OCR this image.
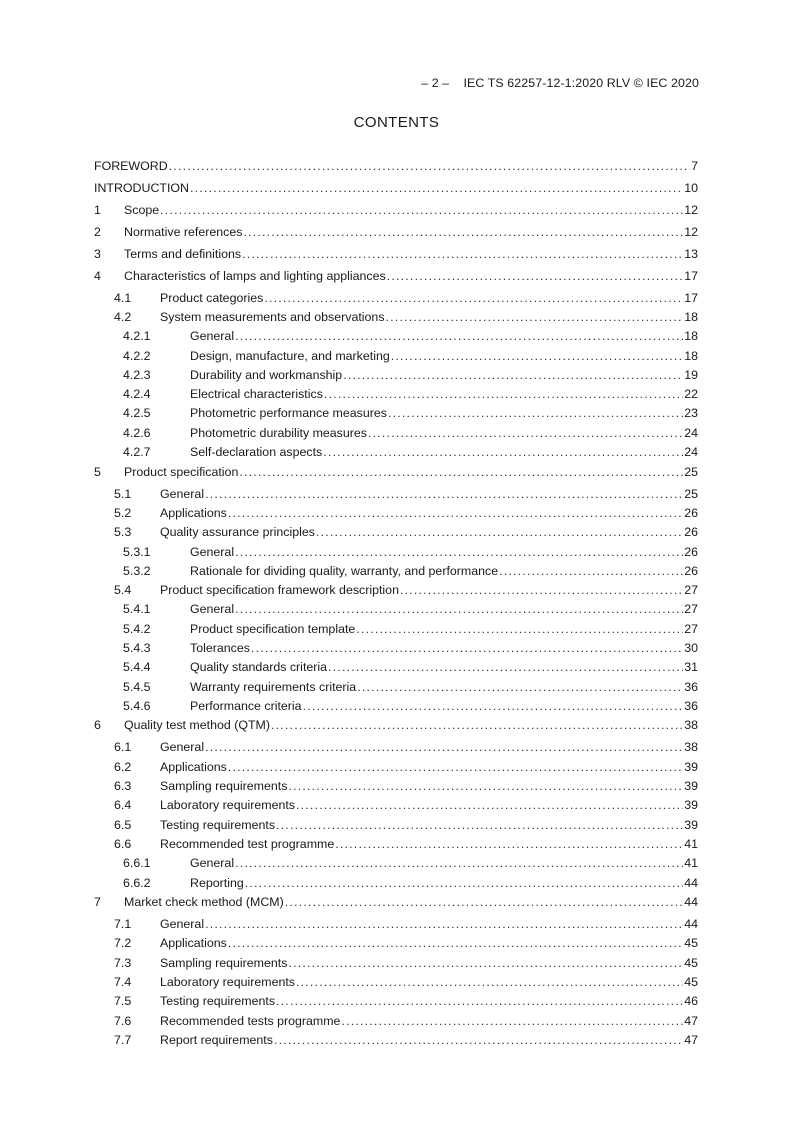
– 2 –    IEC TS 62257-12-1:2020 RLV © IEC 2020
CONTENTS
FOREWORD .....	7
INTRODUCTION .....	10
1 Scope .....	12
2 Normative references .....	12
3 Terms and definitions .....	13
4 Characteristics of lamps and lighting appliances .....	17
4.1 Product categories .....	17
4.2 System measurements and observations .....	18
4.2.1	General .....	18
4.2.2	Design, manufacture, and marketing .....	18
4.2.3	Durability and workmanship .....	19
4.2.4	Electrical characteristics .....	22
4.2.5	Photometric performance measures .....	23
4.2.6	Photometric durability measures .....	24
4.2.7	Self-declaration aspects .....	24
5 Product specification .....	25
5.1 General .....	25
5.2 Applications .....	26
5.3 Quality assurance principles .....	26
5.3.1	General .....	26
5.3.2	Rationale for dividing quality, warranty, and performance .....	26
5.4 Product specification framework description .....	27
5.4.1	General .....	27
5.4.2	Product specification template .....	27
5.4.3	Tolerances .....	30
5.4.4	Quality standards criteria .....	31
5.4.5	Warranty requirements criteria .....	36
5.4.6	Performance criteria .....	36
6 Quality test method (QTM) .....	38
6.1 General .....	38
6.2 Applications .....	39
6.3 Sampling requirements .....	39
6.4 Laboratory requirements .....	39
6.5 Testing requirements .....	39
6.6 Recommended test programme .....	41
6.6.1	General .....	41
6.6.2	Reporting .....	44
7 Market check method (MCM) .....	44
7.1 General .....	44
7.2 Applications .....	45
7.3 Sampling requirements .....	45
7.4 Laboratory requirements .....	45
7.5 Testing requirements .....	46
7.6 Recommended tests programme .....	47
7.7 Report requirements .....	47
